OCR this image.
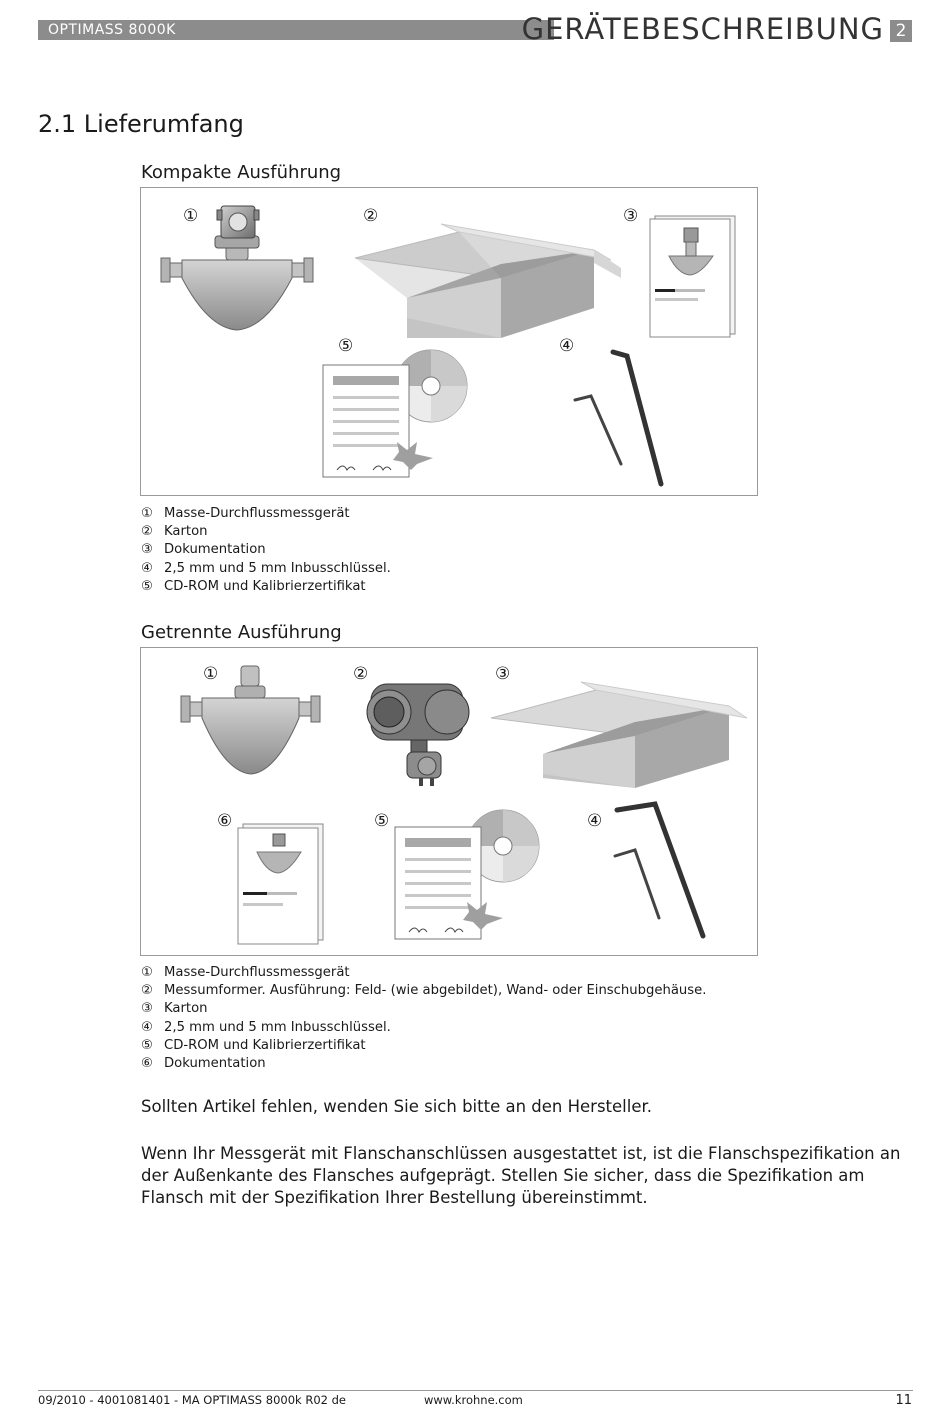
OPTIMASS 8000K	GERÄTEBESCHREIBUNG 2
2.1 Lieferumfang
Kompakte Ausführung
①	②	③
⑤	④
① Masse-Durchflussmessgerät
② Karton
③ Dokumentation
④ 2,5 mm und 5 mm Inbusschlüssel.
⑤ CD-ROM und Kalibrierzertifikat
Getrennte Ausführung
①	②	③
⑥	⑤	④
① Masse-Durchflussmessgerät
② Messumformer. Ausführung: Feld- (wie abgebildet), Wand- oder Einschubgehäuse.
③ Karton
④ 2,5 mm und 5 mm Inbusschlüssel.
⑤ CD-ROM und Kalibrierzertifikat
⑥ Dokumentation
Sollten Artikel fehlen, wenden Sie sich bitte an den Hersteller.
Wenn Ihr Messgerät mit Flanschanschlüssen ausgestattet ist, ist die Flanschspezifikation an der Außenkante des Flansches aufgeprägt. Stellen Sie sicher, dass die Spezifikation am Flansch mit der Spezifikation Ihrer Bestellung übereinstimmt.
09/2010 - 4001081401 - MA OPTIMASS 8000k R02 de	www.krohne.com	11
